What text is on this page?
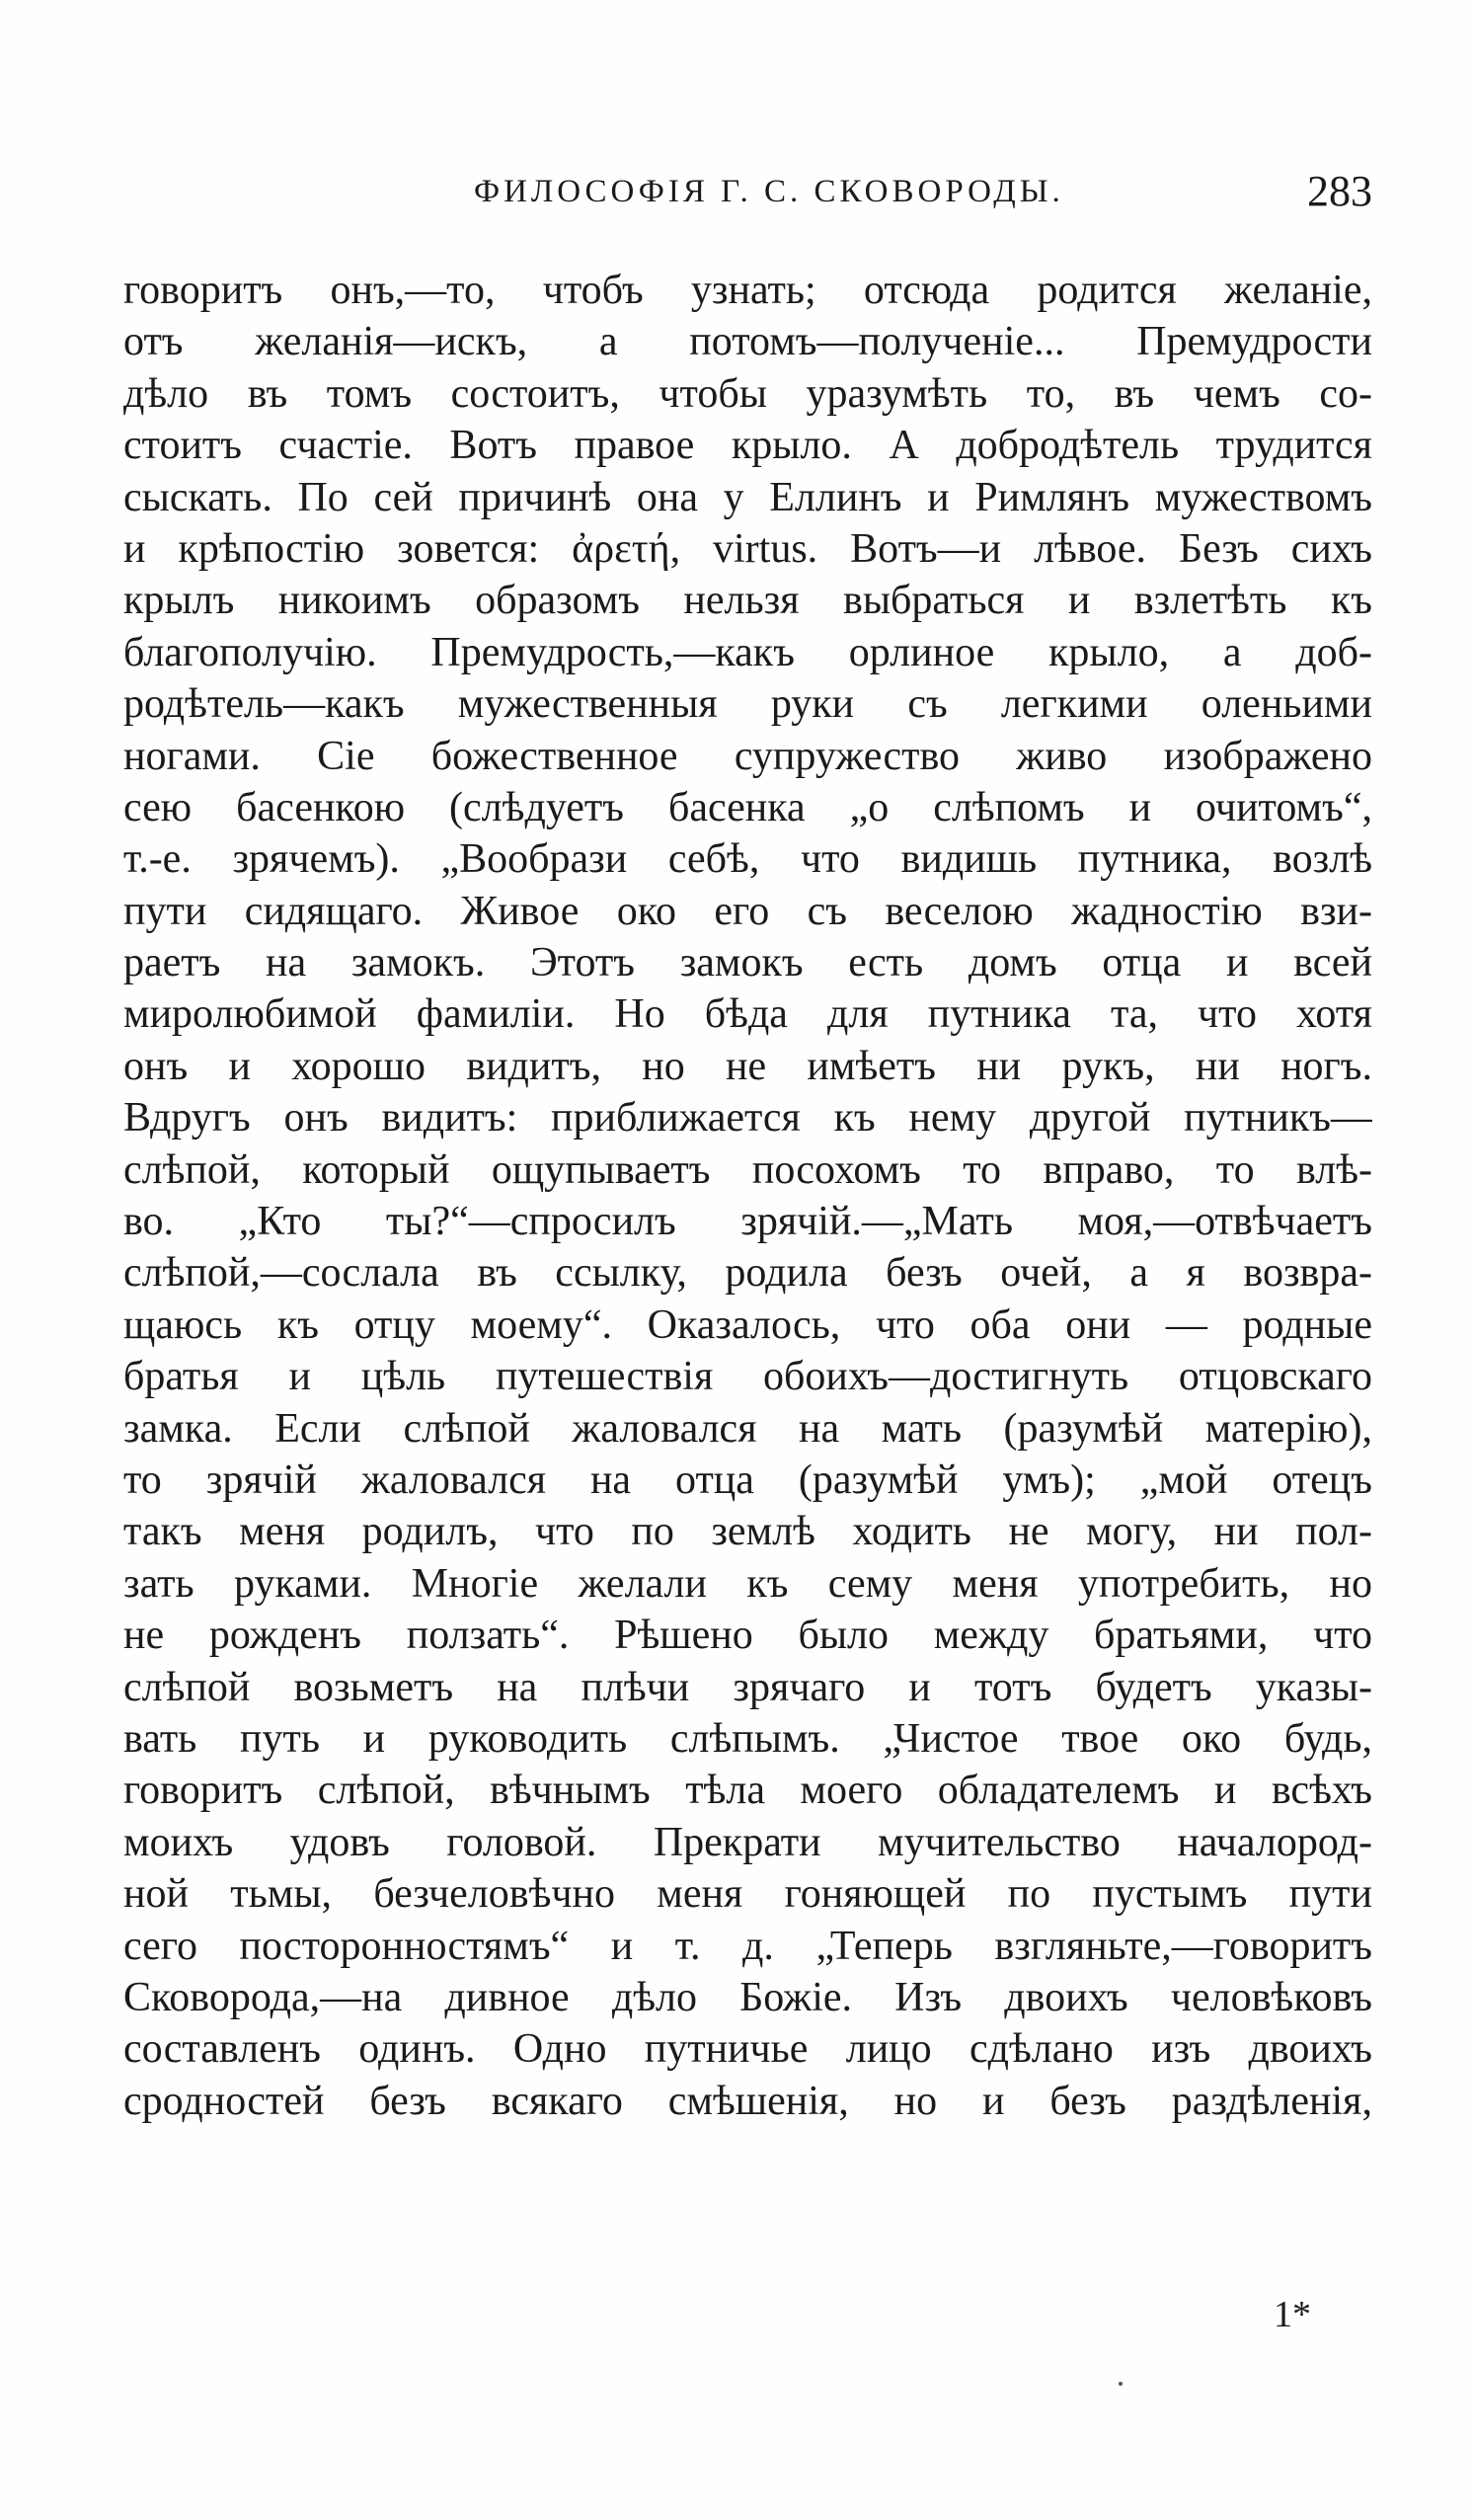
ФИЛОСОФІЯ Г. С. СКОВОРОДЫ.	283
говоритъ онъ,—то, чтобъ узнать; отсюда родится желаніе,
отъ желанія—искъ, а потомъ—полученіе... Премудрости
дѣло въ томъ состоитъ, чтобы уразумѣть то, въ чемъ со-
стоитъ счастіе. Вотъ правое крыло. А добродѣтель трудится
сыскать. По сей причинѣ она у Еллинъ и Римлянъ мужествомъ
и крѣпостію зовется: ἀρετή, virtus. Вотъ—и лѣвое. Безъ сихъ
крылъ никоимъ образомъ нельзя выбраться и взлетѣть къ
благополучію. Премудрость,—какъ орлиное крыло, а доб-
родѣтель—какъ мужественныя руки съ легкими оленьими
ногами. Сіе божественное супружество живо изображено
сею басенкою (слѣдуетъ басенка „о слѣпомъ и очитомъ“,
т.-е. зрячемъ). „Вообрази себѣ, что видишь путника, возлѣ
пути сидящаго. Живое око его съ веселою жадностію взи-
раетъ на замокъ. Этотъ замокъ есть домъ отца и всей
миролюбимой фамиліи. Но бѣда для путника та, что хотя
онъ и хорошо видитъ, но не имѣетъ ни рукъ, ни ногъ.
Вдругъ онъ видитъ: приближается къ нему другой путникъ—
слѣпой, который ощупываетъ посохомъ то вправо, то влѣ-
во. „Кто ты?“—спросилъ зрячій.—„Мать моя,—отвѣчаетъ
слѣпой,—сослала въ ссылку, родила безъ очей, а я возвра-
щаюсь къ отцу моему“. Оказалось, что оба они — родные
братья и цѣль путешествія обоихъ—достигнуть отцовскаго
замка. Если слѣпой жаловался на мать (разумѣй матерію),
то зрячій жаловался на отца (разумѣй умъ); „мой отецъ
такъ меня родилъ, что по землѣ ходить не могу, ни пол-
зать руками. Многіе желали къ сему меня употребить, но
не рожденъ ползать“. Рѣшено было между братьями, что
слѣпой возьметъ на плѣчи зрячаго и тотъ будетъ указы-
вать путь и руководить слѣпымъ. „Чистое твое око будь,
говоритъ слѣпой, вѣчнымъ тѣла моего обладателемъ и всѣхъ
моихъ удовъ головой. Прекрати мучительство началород-
ной тьмы, безчеловѣчно меня гоняющей по пустымъ пути
сего посторонностямъ“ и т. д. „Теперь взгляньте,—говоритъ
Сковорода,—на дивное дѣло Божіе. Изъ двоихъ человѣковъ
составленъ одинъ. Одно путничье лицо сдѣлано изъ двоихъ
сродностей безъ всякаго смѣшенія, но и безъ раздѣленія,
1*
